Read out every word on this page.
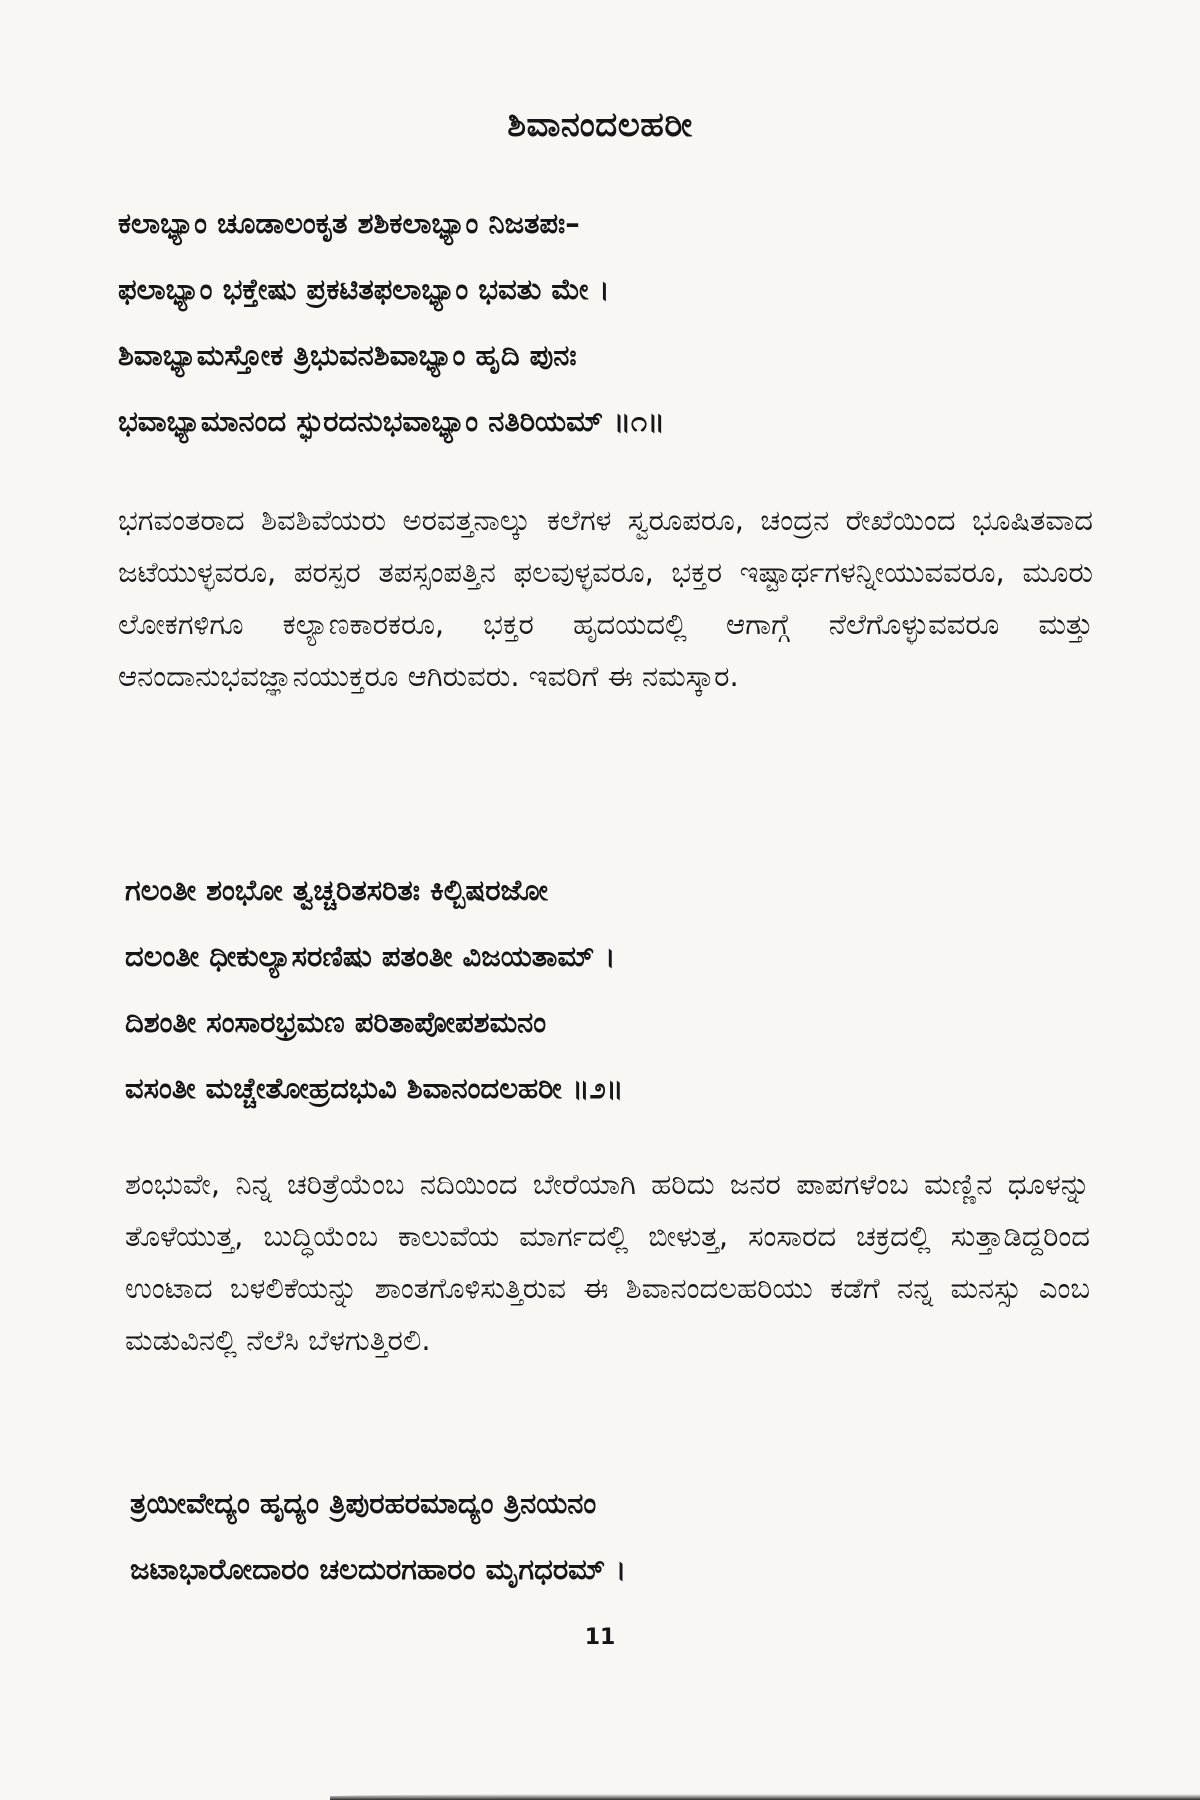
ಶಿವಾನಂದಲಹರೀ
ಕಲಾಭ್ಯಾಂ ಚೂಡಾಲಂಕೃತ ಶಶಿಕಲಾಭ್ಯಾಂ ನಿಜತಪಃ–
ಫಲಾಭ್ಯಾಂ ಭಕ್ತೇಷು ಪ್ರಕಟಿತಫಲಾಭ್ಯಾಂ ಭವತು ಮೇ ।
ಶಿವಾಭ್ಯಾಮಸ್ತೋಕ ತ್ರಿಭುವನಶಿವಾಭ್ಯಾಂ ಹೃದಿ ಪುನಃ
ಭವಾಭ್ಯಾಮಾನಂದ ಸ್ಫುರದನುಭವಾಭ್ಯಾಂ ನತಿರಿಯಮ್ ॥೧॥
ಭಗವಂತರಾದ ಶಿವಶಿವೆಯರು ಅರವತ್ತನಾಲ್ಕು ಕಲೆಗಳ ಸ್ವರೂಪರೂ, ಚಂದ್ರನ ರೇಖೆಯಿಂದ ಭೂಷಿತವಾದ ಜಟೆಯುಳ್ಳವರೂ, ಪರಸ್ಪರ ತಪಸ್ಸಂಪತ್ತಿನ ಫಲವುಳ್ಳವರೂ, ಭಕ್ತರ ಇಷ್ಟಾರ್ಥಗಳನ್ನೀಯುವವರೂ, ಮೂರು ಲೋಕಗಳಿಗೂ ಕಲ್ಯಾಣಕಾರಕರೂ, ಭಕ್ತರ ಹೃದಯದಲ್ಲಿ ಆಗಾಗ್ಗೆ ನೆಲೆಗೊಳ್ಳುವವರೂ ಮತ್ತು ಆನಂದಾನುಭವಜ್ಞಾನಯುಕ್ತರೂ ಆಗಿರುವರು. ಇವರಿಗೆ ಈ ನಮಸ್ಕಾರ.
ಗಲಂತೀ ಶಂಭೋ ತ್ವಚ್ಚರಿತಸರಿತಃ ಕಿಲ್ಬಿಷರಜೋ
ದಲಂತೀ ಧೀಕುಲ್ಯಾಸರಣಿಷು ಪತಂತೀ ವಿಜಯತಾಮ್ ।
ದಿಶಂತೀ ಸಂಸಾರಭ್ರಮಣ ಪರಿತಾಪೋಪಶಮನಂ
ವಸಂತೀ ಮಚ್ಚೇತೋಹ್ರದಭುವಿ ಶಿವಾನಂದಲಹರೀ ॥೨॥
ಶಂಭುವೇ, ನಿನ್ನ ಚರಿತ್ರೆಯೆಂಬ ನದಿಯಿಂದ ಬೇರೆಯಾಗಿ ಹರಿದು ಜನರ ಪಾಪಗಳೆಂಬ ಮಣ್ಣಿನ ಧೂಳನ್ನು ತೊಳೆಯುತ್ತ, ಬುದ್ಧಿಯೆಂಬ ಕಾಲುವೆಯ ಮಾರ್ಗದಲ್ಲಿ ಬೀಳುತ್ತ, ಸಂಸಾರದ ಚಕ್ರದಲ್ಲಿ ಸುತ್ತಾಡಿದ್ದರಿಂದ ಉಂಟಾದ ಬಳಲಿಕೆಯನ್ನು ಶಾಂತಗೊಳಿಸುತ್ತಿರುವ ಈ ಶಿವಾನಂದಲಹರಿಯು ಕಡೆಗೆ ನನ್ನ ಮನಸ್ಸು ಎಂಬ ಮಡುವಿನಲ್ಲಿ ನೆಲೆಸಿ ಬೆಳಗುತ್ತಿರಲಿ.
ತ್ರಯೀವೇದ್ಯಂ ಹೃದ್ಯಂ ತ್ರಿಪುರಹರಮಾದ್ಯಂ ತ್ರಿನಯನಂ
ಜಟಾಭಾರೋದಾರಂ ಚಲದುರಗಹಾರಂ ಮೃಗಧರಮ್ ।
11
